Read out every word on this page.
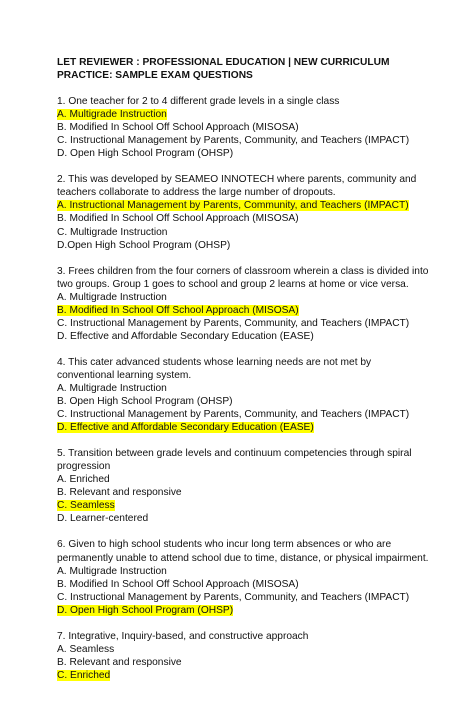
LET REVIEWER : PROFESSIONAL EDUCATION | NEW CURRICULUM
PRACTICE: SAMPLE EXAM QUESTIONS
1. One teacher for 2 to 4 different grade levels in a single class
A. Multigrade Instruction
B. Modified In School Off School Approach (MISOSA)
C. Instructional Management by Parents, Community, and Teachers (IMPACT)
D. Open High School Program (OHSP)
2. This was developed by SEAMEO INNOTECH where parents, community and teachers collaborate to address the large number of dropouts.
A. Instructional Management by Parents, Community, and Teachers (IMPACT)
B. Modified In School Off School Approach (MISOSA)
C. Multigrade Instruction
D.Open High School Program (OHSP)
3. Frees children from the four corners of classroom wherein a class is divided into two groups. Group 1 goes to school and group 2 learns at home or vice versa.
A. Multigrade Instruction
B. Modified In School Off School Approach (MISOSA)
C. Instructional Management by Parents, Community, and Teachers (IMPACT)
D. Effective and Affordable Secondary Education (EASE)
4. This cater advanced students whose learning needs are not met by conventional learning system.
A. Multigrade Instruction
B. Open High School Program (OHSP)
C. Instructional Management by Parents, Community, and Teachers (IMPACT)
D. Effective and Affordable Secondary Education (EASE)
5. Transition between grade levels and continuum competencies through spiral progression
A. Enriched
B. Relevant and responsive
C. Seamless
D. Learner-centered
6. Given to high school students who incur long term absences or who are permanently unable to attend school due to time, distance, or physical impairment.
A. Multigrade Instruction
B. Modified In School Off School Approach (MISOSA)
C. Instructional Management by Parents, Community, and Teachers (IMPACT)
D. Open High School Program (OHSP)
7. Integrative, Inquiry-based, and constructive approach
A. Seamless
B. Relevant and responsive
C. Enriched
